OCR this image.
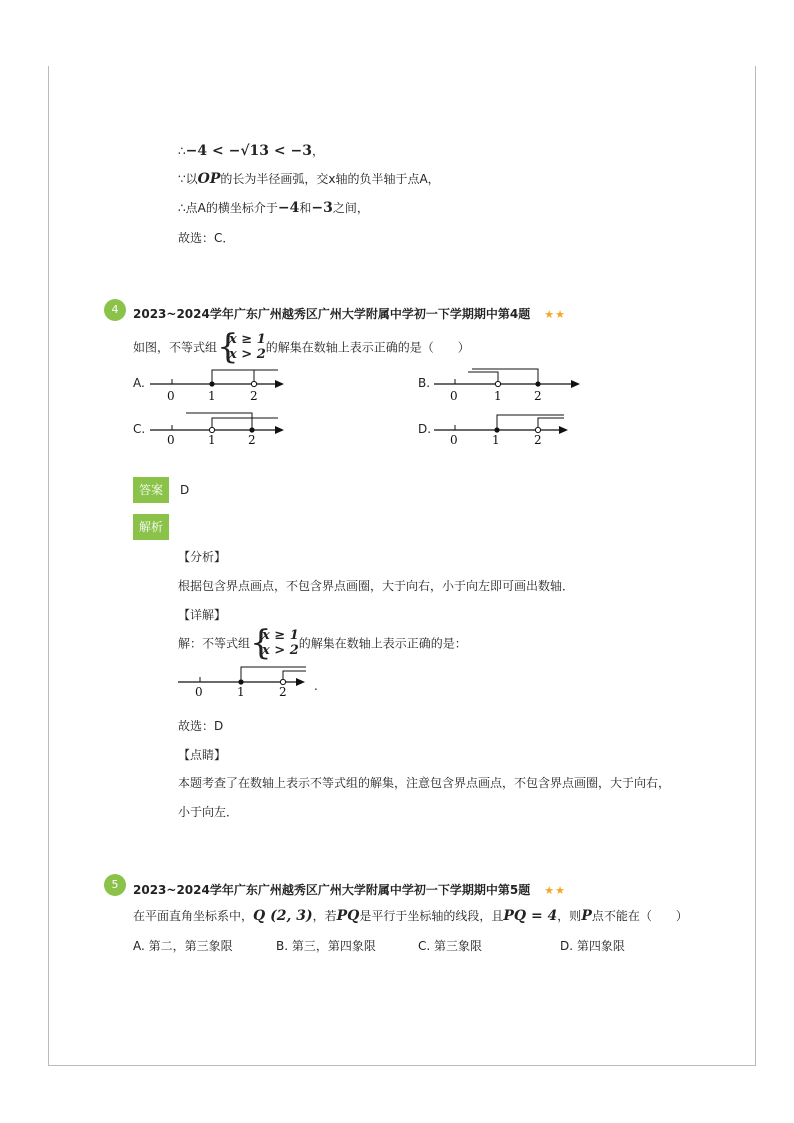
∴−4 < −√13 < −3，
∵以OP的长为半径画弧，交x轴的负半轴于点A，
∴点A的横坐标介于−4和−3之间，
故选：C．
4	2023~2024学年广东广州越秀区广州大学附属中学初一下学期期中第4题 ★★
如图，不等式组 {
x ≥ 1
x > 2 的解集在数轴上表示正确的是（　　）
A.
0	1	2
B.
0	1	2
C.
0	1	2
D.
0	1	2
答案	D
解析
【分析】
根据包含界点画点，不包含界点画圈，大于向右，小于向左即可画出数轴．
【详解】
解：不等式组 {
x ≥ 1
x > 2 的解集在数轴上表示正确的是：
0	1	2 .
故选：D
【点睛】
本题考查了在数轴上表示不等式组的解集，注意包含界点画点，不包含界点画圈，大于向右，
小于向左．
5	2023~2024学年广东广州越秀区广州大学附属中学初一下学期期中第5题 ★★
在平面直角坐标系中，Q (2, 3)，若PQ是平行于坐标轴的线段，且PQ = 4，则P点不能在（　　）
A. 第二，第三象限	B. 第三，第四象限	C. 第三象限	D. 第四象限
